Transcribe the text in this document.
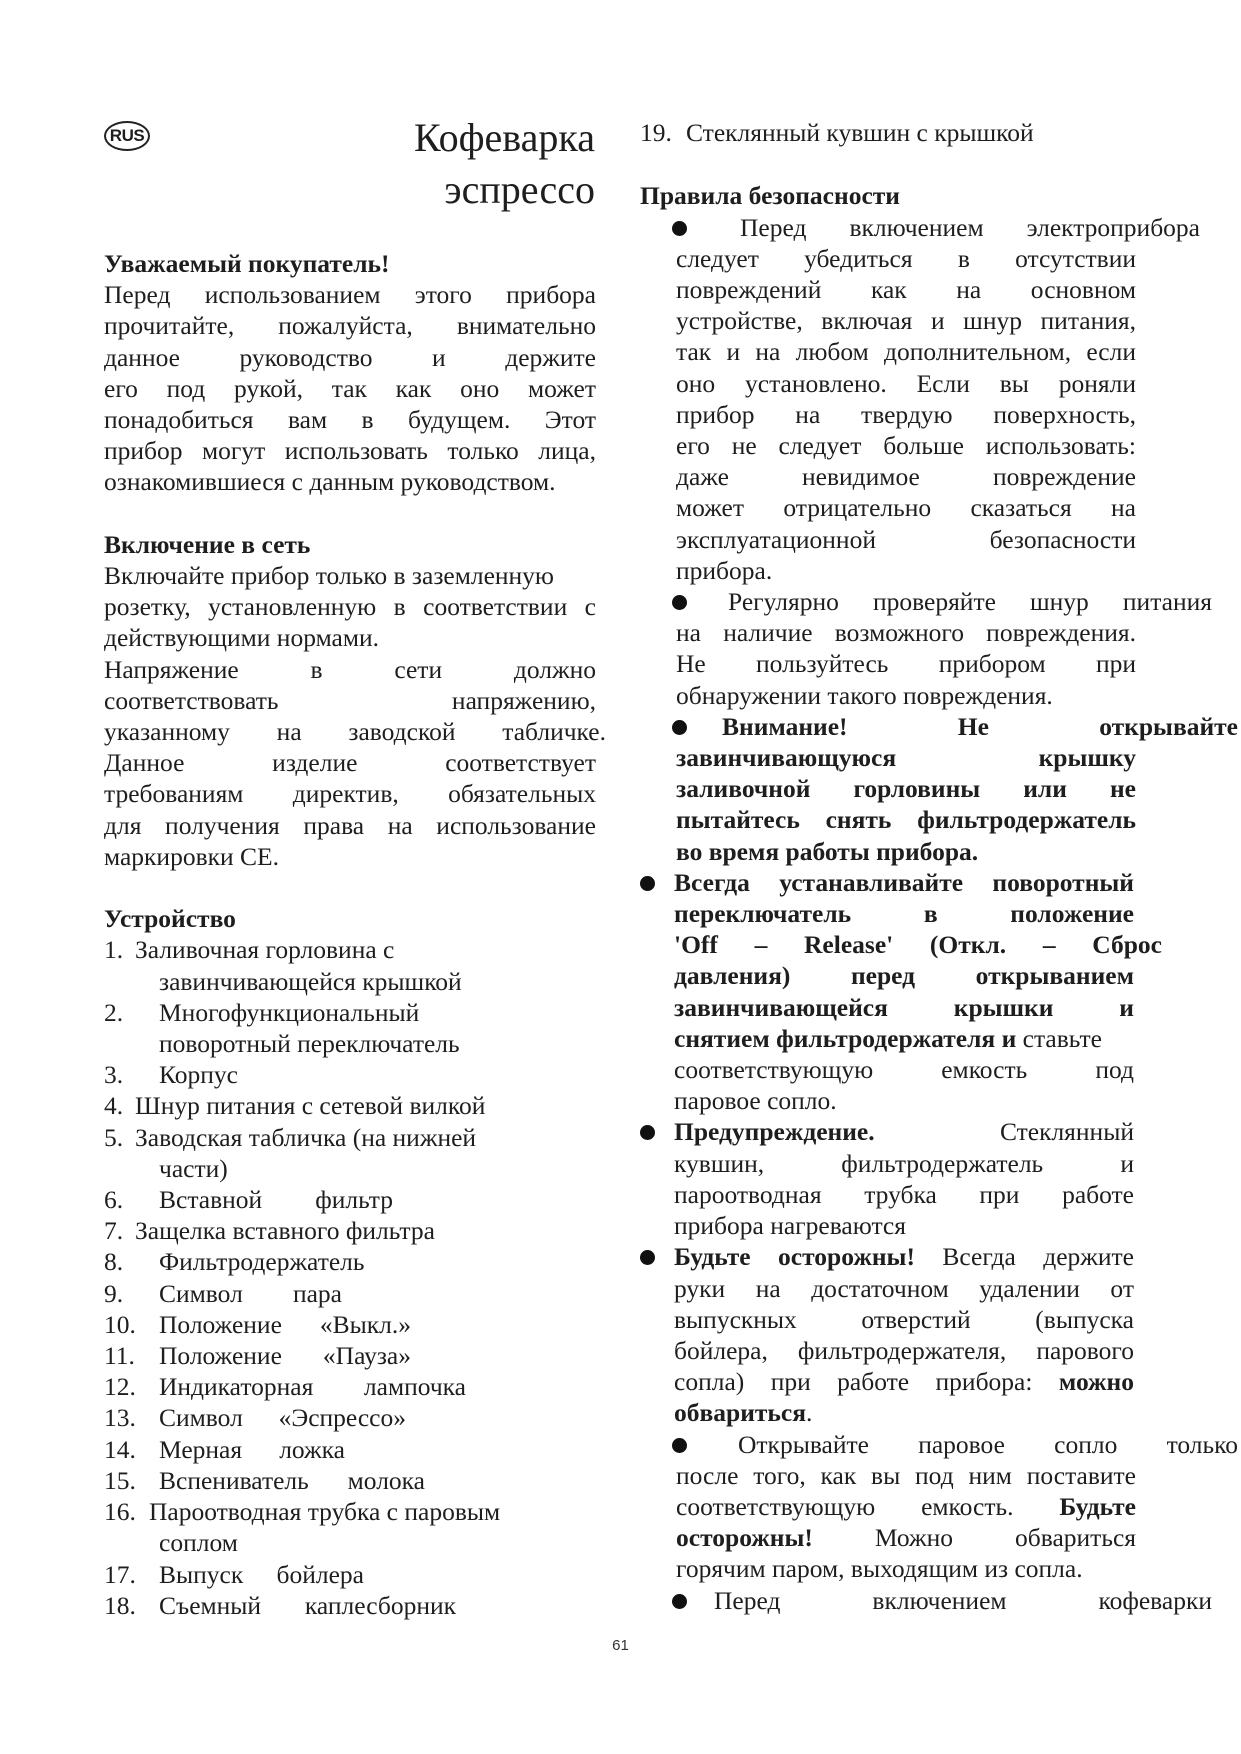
RUS	Кофеварка эспрессо

Уважаемый покупатель!

Перед использованием этого прибора

прочитайте, пожалуйста, внимательно

данное руководство и держите

его под рукой, так как оно может

понадобиться вам в будущем. Этот

прибор могут использовать только лица,

ознакомившиеся с данным руководством.

Включение в сеть

Включайте прибор только в заземленную

розетку, установленную в соответствии с

действующими нормами.

Напряжение в сети должно

соответствовать напряжению,

указанному на заводской табличке.

Данное изделие соответствует

требованиям директив, обязательных

для получения права на использование

маркировки CE.

Устройство

1. Заливочная горловина с
завинчивающейся крышкой
2. Многофункциональный
поворотный переключатель
3. Корпус
4. Шнур питания с сетевой вилкой
5. Заводская табличка (на нижней
части)
6. Вставной фильтр
7. Защелка вставного фильтра
8. Фильтродержатель
9. Символ пара
10. Положение «Выкл.»
11. Положение «Пауза»
12. Индикаторная лампочка
13. Символ «Эспрессо»
14. Мерная ложка
15. Вспениватель молока
16. Пароотводная трубка с паровым
соплом
17. Выпуск бойлера
18. Съемный каплесборник
19. Стеклянный кувшин с крышкой

Правила безопасности

Перед включением электроприбора

следует убедиться в отсутствии

повреждений как на основном

устройстве, включая и шнур питания,

так и на любом дополнительном, если

оно установлено. Если вы роняли

прибор на твердую поверхность,

его не следует больше использовать:

даже невидимое повреждение

может отрицательно сказаться на

эксплуатационной безопасности

прибора.

Регулярно проверяйте шнур питания

на наличие возможного повреждения.

Не пользуйтесь прибором при

обнаружении такого повреждения.

Внимание! Не открывайте

завинчивающуюся крышку

заливочной горловины или не

пытайтесь снять фильтродержатель

во время работы прибора.

Всегда устанавливайте поворотный

переключатель в положение

'Off – Release' (Откл. – Сброс

давления) перед открыванием

завинчивающейся крышки и

снятием фильтродержателя и ставьте

соответствующую емкость под

паровое сопло.

Предупреждение. Стеклянный

кувшин, фильтродержатель и

пароотводная трубка при работе

прибора нагреваются

Будьте осторожны! Всегда держите

руки на достаточном удалении от

выпускных отверстий (выпуска

бойлера, фильтродержателя, парового

сопла) при работе прибора: можно

обвариться.

Открывайте паровое сопло только

после того, как вы под ним поставите

соответствующую емкость. Будьте

осторожны! Можно обвариться

горячим паром, выходящим из сопла.

Перед включением кофеварки

61
